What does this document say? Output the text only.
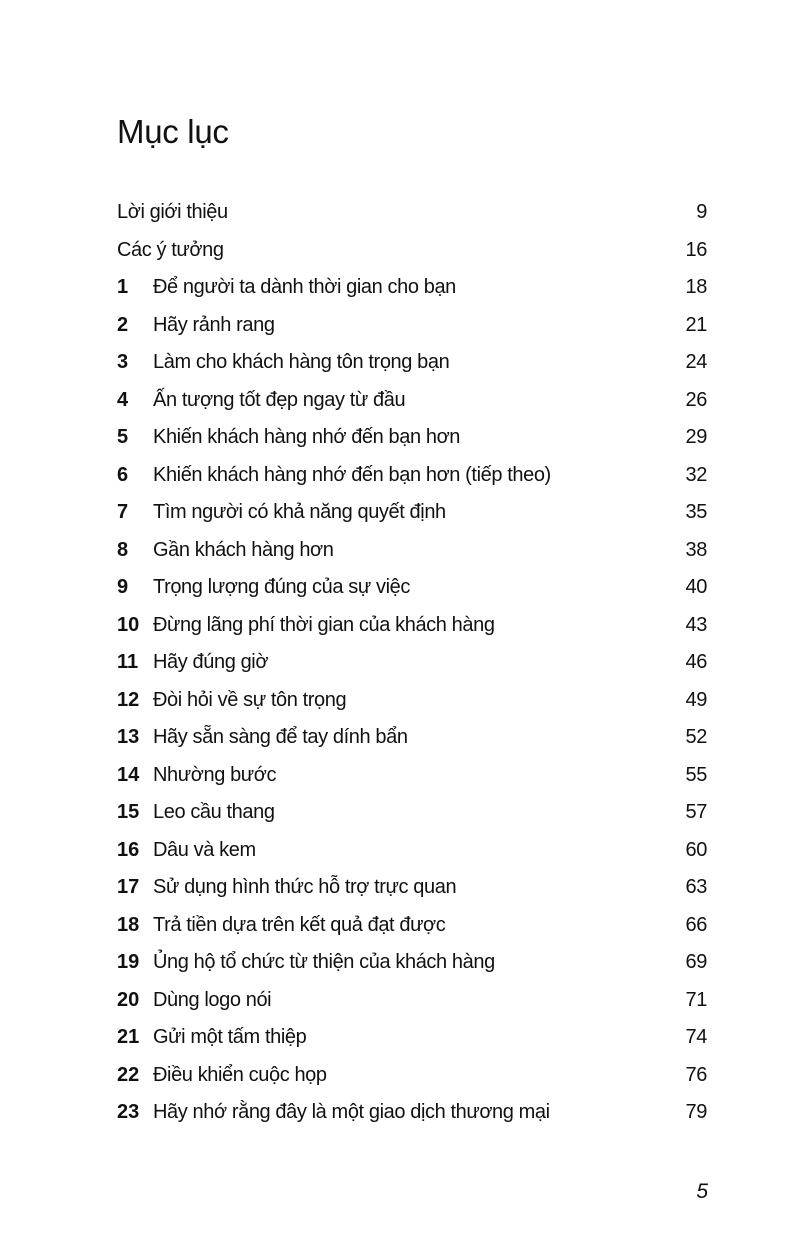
Mục lục
Lời giới thiệu	9
Các ý tưởng	16
1 Để người ta dành thời gian cho bạn	18
2 Hãy rảnh rang	21
3 Làm cho khách hàng tôn trọng bạn	24
4 Ấn tượng tốt đẹp ngay từ đầu	26
5 Khiến khách hàng nhớ đến bạn hơn	29
6 Khiến khách hàng nhớ đến bạn hơn (tiếp theo)	32
7 Tìm người có khả năng quyết định	35
8 Gần khách hàng hơn	38
9 Trọng lượng đúng của sự việc	40
10 Đừng lãng phí thời gian của khách hàng	43
11 Hãy đúng giờ	46
12 Đòi hỏi về sự tôn trọng	49
13 Hãy sẵn sàng để tay dính bẩn	52
14 Nhường bước	55
15 Leo cầu thang	57
16 Dâu và kem	60
17 Sử dụng hình thức hỗ trợ trực quan	63
18 Trả tiền dựa trên kết quả đạt được	66
19 Ủng hộ tổ chức từ thiện của khách hàng	69
20 Dùng logo nói	71
21 Gửi một tấm thiệp	74
22 Điều khiển cuộc họp	76
23 Hãy nhớ rằng đây là một giao dịch thương mại	79
5
